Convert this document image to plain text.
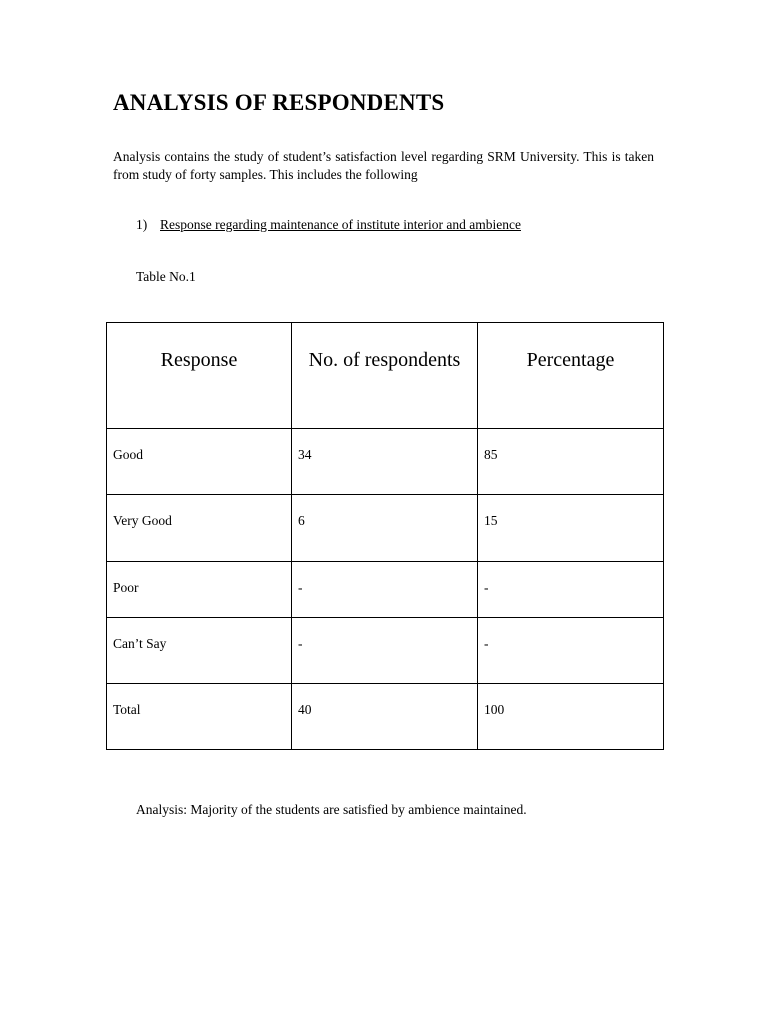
ANALYSIS OF RESPONDENTS

Analysis contains the study of student’s satisfaction level regarding SRM University. This is taken from study of forty samples. This includes the following

1) Response regarding maintenance of institute interior and ambience

Table No.1

Response	No. of respondents	Percentage
Good	34	85
Very Good	6	15
Poor	-	-
Can’t Say	-	-
Total	40	100

Analysis: Majority of the students are satisfied by ambience maintained.
